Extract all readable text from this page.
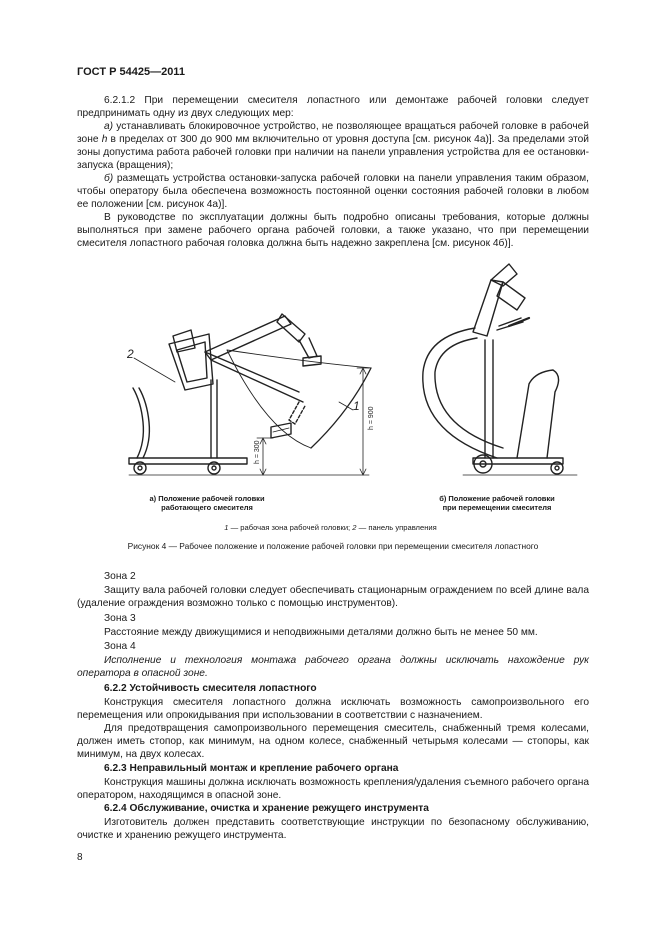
ГОСТ Р 54425—2011
6.2.1.2 При перемещении смесителя лопастного или демонтаже рабочей головки следует предпринимать одну из двух следующих мер:
а) устанавливать блокировочное устройство, не позволяющее вращаться рабочей головке в рабочей зоне h в пределах от 300 до 900 мм включительно от уровня доступа [см. рисунок 4а)]. За пределами этой зоны допустима работа рабочей головки при наличии на панели управления устройства для ее остановки-запуска (вращения);
б) размещать устройства остановки-запуска рабочей головки на панели управления таким образом, чтобы оператору была обеспечена возможность постоянной оценки состояния рабочей головки в любом ее положении [см. рисунок 4а)].
В руководстве по эксплуатации должны быть подробно описаны требования, которые должны выполняться при замене рабочего органа рабочей головки, а также указано, что при перемещении смесителя лопастного рабочая головка должна быть надежно закреплена [см. рисунок 4б)].
2
1
h = 900
h = 300
а) Положение рабочей головки
работающего смесителя
б) Положение рабочей головки
при перемещении смесителя
1 — рабочая зона рабочей головки; 2 — панель управления
Рисунок 4 — Рабочее положение и положение рабочей головки при перемещении смесителя лопастного
Зона 2
Защиту вала рабочей головки следует обеспечивать стационарным ограждением по всей длине вала (удаление ограждения возможно только с помощью инструментов).
Зона 3
Расстояние между движущимися и неподвижными деталями должно быть не менее 50 мм.
Зона 4
Исполнение и технология монтажа рабочего органа должны исключать нахождение рук оператора в опасной зоне.
6.2.2 Устойчивость смесителя лопастного
Конструкция смесителя лопастного должна исключать возможность самопроизвольного его перемещения или опрокидывания при использовании в соответствии с назначением.
Для предотвращения самопроизвольного перемещения смеситель, снабженный тремя колесами, должен иметь стопор, как минимум, на одном колесе, снабженный четырьмя колесами — стопоры, как минимум, на двух колесах.
6.2.3 Неправильный монтаж и крепление рабочего органа
Конструкция машины должна исключать возможность крепления/удаления съемного рабочего органа оператором, находящимся в опасной зоне.
6.2.4 Обслуживание, очистка и хранение режущего инструмента
Изготовитель должен представить соответствующие инструкции по безопасному обслуживанию, очистке и хранению режущего инструмента.
8
